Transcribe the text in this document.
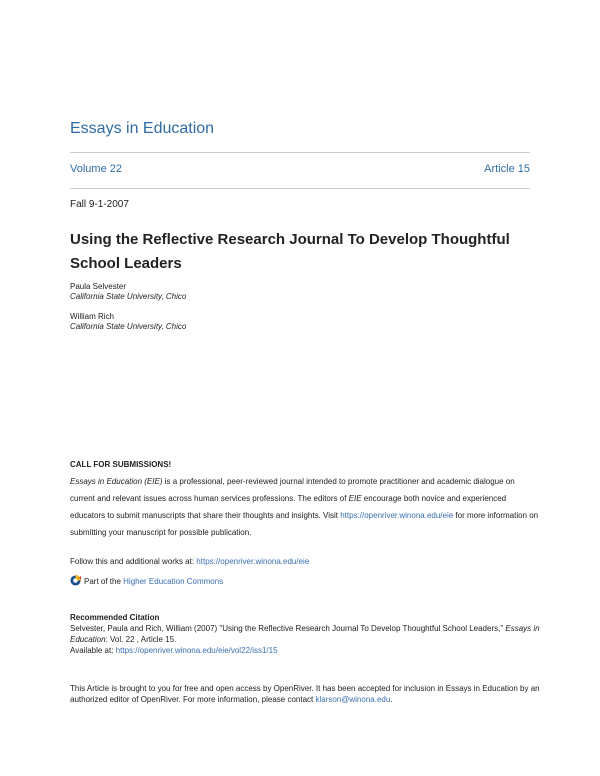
Essays in Education
Volume 22	Article 15
Fall 9-1-2007
Using the Reflective Research Journal To Develop Thoughtful School Leaders
Paula Selvester
California State University, Chico
William Rich
California State University, Chico
CALL FOR SUBMISSIONS!
Essays in Education (EIE) is a professional, peer-reviewed journal intended to promote practitioner and academic dialogue on current and relevant issues across human services professions. The editors of EIE encourage both novice and experienced educators to submit manuscripts that share their thoughts and insights. Visit https://openriver.winona.edu/eie for more information on submitting your manuscript for possible publication.
Follow this and additional works at: https://openriver.winona.edu/eie
Part of the Higher Education Commons
Recommended Citation
Selvester, Paula and Rich, William (2007) "Using the Reflective Research Journal To Develop Thoughtful School Leaders," Essays in Education: Vol. 22 , Article 15.
Available at: https://openriver.winona.edu/eie/vol22/iss1/15
This Article is brought to you for free and open access by OpenRiver. It has been accepted for inclusion in Essays in Education by an authorized editor of OpenRiver. For more information, please contact klarson@winona.edu.
